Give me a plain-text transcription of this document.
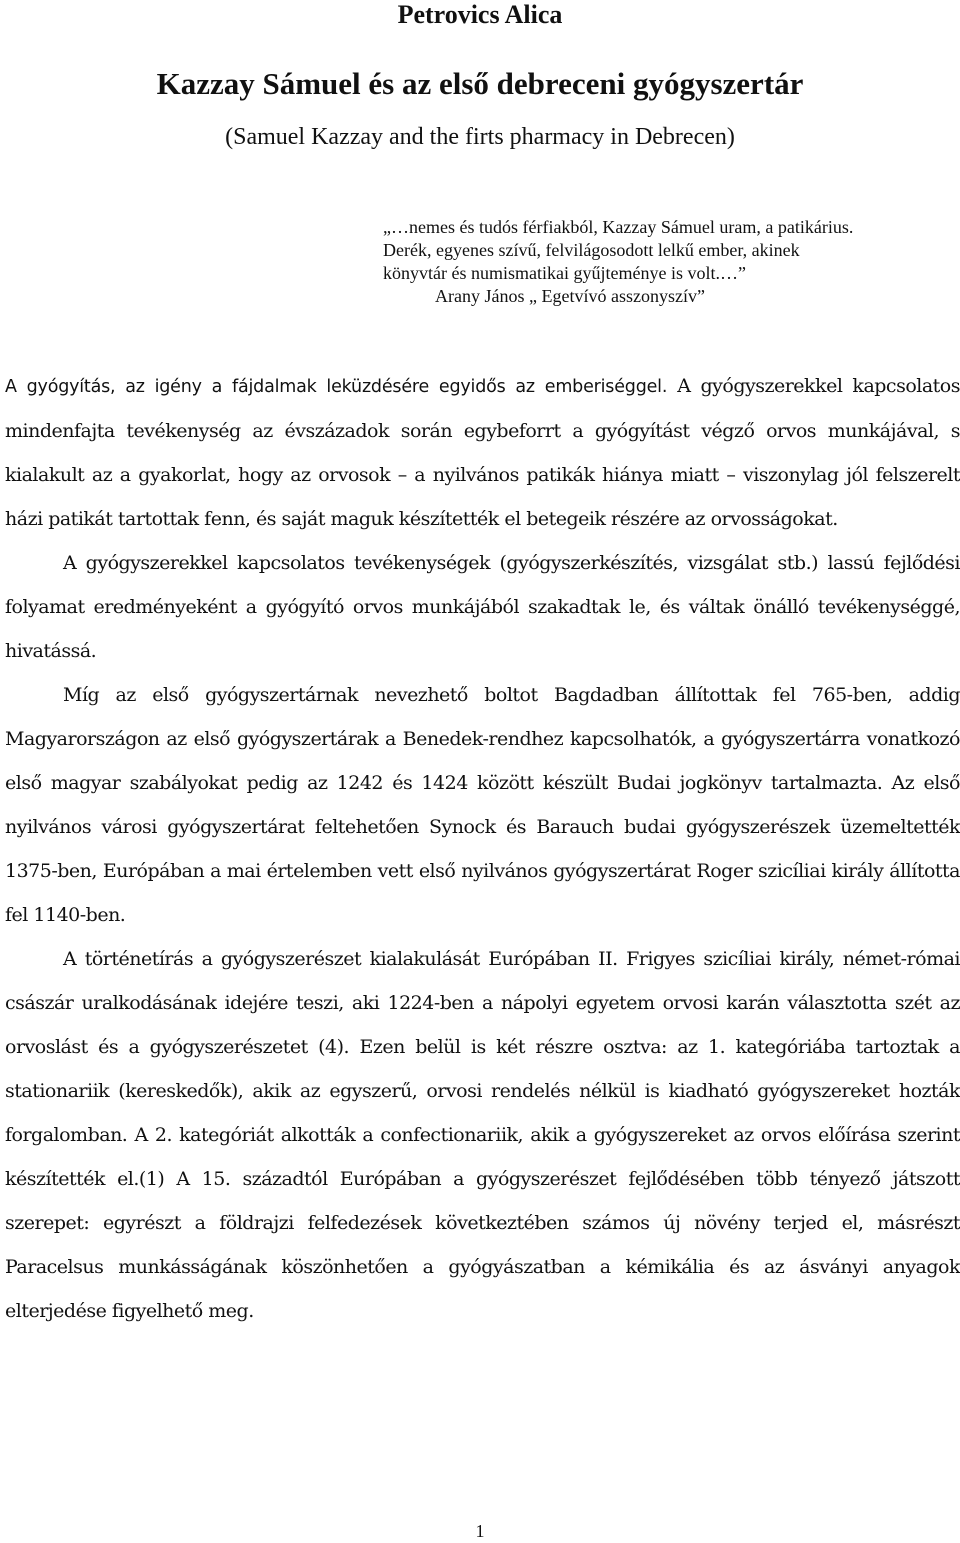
Petrovics Alica
Kazzay Sámuel és az első debreceni gyógyszertár
(Samuel Kazzay and the firts pharmacy in Debrecen)
„…nemes és tudós férfiakból, Kazzay Sámuel uram, a patikárius.
Derék, egyenes szívű, felvilágosodott lelkű ember, akinek
könyvtár és numismatikai gyűjteménye is volt.…”
Arany János „ Egetvívó asszonyszív”

A gyógyítás, az igény a fájdalmak leküzdésére egyidős az emberiséggel. A gyógyszerekkel kapcsolatos mindenfajta tevékenység az évszázadok során egybeforrt a gyógyítást végző orvos munkájával, s kialakult az a gyakorlat, hogy az orvosok – a nyilvános patikák hiánya miatt – viszonylag jól felszerelt házi patikát tartottak fenn, és saját maguk készítették el betegeik részére az orvosságokat.

A gyógyszerekkel kapcsolatos tevékenységek (gyógyszerkészítés, vizsgálat stb.) lassú fejlődési folyamat eredményeként a gyógyító orvos munkájából szakadtak le, és váltak önálló tevékenységgé, hivatássá.

Míg az első gyógyszertárnak nevezhető boltot Bagdadban állítottak fel 765-ben, addig Magyarországon az első gyógyszertárak a Benedek-rendhez kapcsolhatók, a gyógyszertárra vonatkozó első magyar szabályokat pedig az 1242 és 1424 között készült Budai jogkönyv tartalmazta. Az első nyilvános városi gyógyszertárat feltehetően Synock és Barauch budai gyógyszerészek üzemeltették 1375-ben, Európában a mai értelemben vett első nyilvános gyógyszertárat Roger szicíliai király állította fel 1140-ben.

A történetírás a gyógyszerészet kialakulását Európában II. Frigyes szicíliai király, német-római császár uralkodásának idejére teszi, aki 1224-ben a nápolyi egyetem orvosi karán választotta szét az orvoslást és a gyógyszerészetet (4). Ezen belül is két részre osztva: az 1. kategóriába tartoztak a stationariik (kereskedők), akik az egyszerű, orvosi rendelés nélkül is kiadható gyógyszereket hozták forgalomban. A 2. kategóriát alkották a confectionariik, akik a gyógyszereket az orvos előírása szerint készítették el.(1) A 15. századtól Európában a gyógyszerészet fejlődésében több tényező játszott szerepet: egyrészt a földrajzi felfedezések következtében számos új növény terjed el, másrészt Paracelsus munkásságának köszönhetően a gyógyászatban a kémikália és az ásványi anyagok elterjedése figyelhető meg.

1
